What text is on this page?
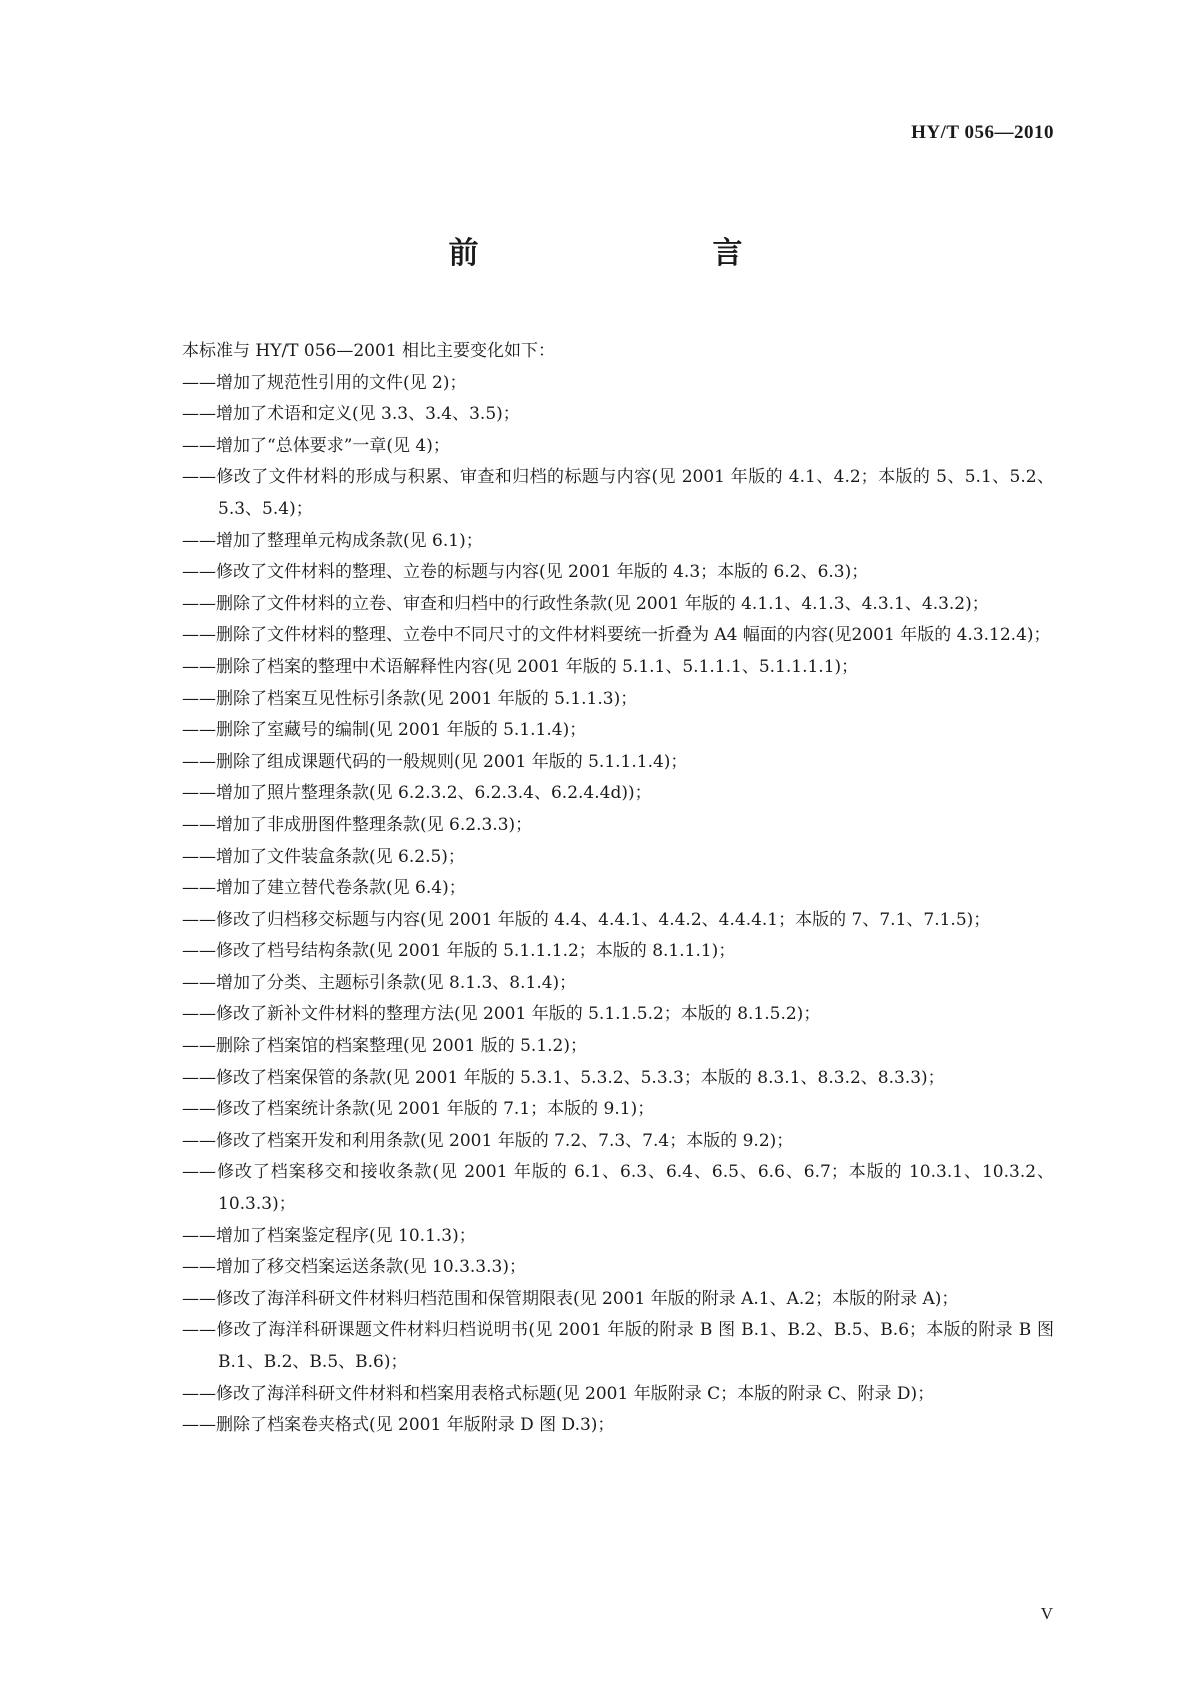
HY/T 056—2010
前　　言

本标准与 HY/T 056—2001 相比主要变化如下：

——增加了规范性引用的文件(见 2)；
——增加了术语和定义(见 3.3、3.4、3.5)；
——增加了“总体要求”一章(见 4)；
——修改了文件材料的形成与积累、审查和归档的标题与内容(见 2001 年版的 4.1、4.2；本版的 5、5.1、5.2、5.3、5.4)；
——增加了整理单元构成条款(见 6.1)；
——修改了文件材料的整理、立卷的标题与内容(见 2001 年版的 4.3；本版的 6.2、6.3)；
——删除了文件材料的立卷、审查和归档中的行政性条款(见 2001 年版的 4.1.1、4.1.3、4.3.1、4.3.2)；
——删除了文件材料的整理、立卷中不同尺寸的文件材料要统一折叠为 A4 幅面的内容(见2001 年版的 4.3.12.4)；
——删除了档案的整理中术语解释性内容(见 2001 年版的 5.1.1、5.1.1.1、5.1.1.1.1)；
——删除了档案互见性标引条款(见 2001 年版的 5.1.1.3)；
——删除了室藏号的编制(见 2001 年版的 5.1.1.4)；
——删除了组成课题代码的一般规则(见 2001 年版的 5.1.1.1.4)；
——增加了照片整理条款(见 6.2.3.2、6.2.3.4、6.2.4.4d))；
——增加了非成册图件整理条款(见 6.2.3.3)；
——增加了文件装盒条款(见 6.2.5)；
——增加了建立替代卷条款(见 6.4)；
——修改了归档移交标题与内容(见 2001 年版的 4.4、4.4.1、4.4.2、4.4.4.1；本版的 7、7.1、7.1.5)；
——修改了档号结构条款(见 2001 年版的 5.1.1.1.2；本版的 8.1.1.1)；
——增加了分类、主题标引条款(见 8.1.3、8.1.4)；
——修改了新补文件材料的整理方法(见 2001 年版的 5.1.1.5.2；本版的 8.1.5.2)；
——删除了档案馆的档案整理(见 2001 版的 5.1.2)；
——修改了档案保管的条款(见 2001 年版的 5.3.1、5.3.2、5.3.3；本版的 8.3.1、8.3.2、8.3.3)；
——修改了档案统计条款(见 2001 年版的 7.1；本版的 9.1)；
——修改了档案开发和利用条款(见 2001 年版的 7.2、7.3、7.4；本版的 9.2)；
——修改了档案移交和接收条款(见 2001 年版的 6.1、6.3、6.4、6.5、6.6、6.7；本版的 10.3.1、10.3.2、10.3.3)；
——增加了档案鉴定程序(见 10.1.3)；
——增加了移交档案运送条款(见 10.3.3.3)；
——修改了海洋科研文件材料归档范围和保管期限表(见 2001 年版的附录 A.1、A.2；本版的附录 A)；
——修改了海洋科研课题文件材料归档说明书(见 2001 年版的附录 B 图 B.1、B.2、B.5、B.6；本版的附录 B 图 B.1、B.2、B.5、B.6)；
——修改了海洋科研文件材料和档案用表格式标题(见 2001 年版附录 C；本版的附录 C、附录 D)；
——删除了档案卷夹格式(见 2001 年版附录 D 图 D.3)；
V
